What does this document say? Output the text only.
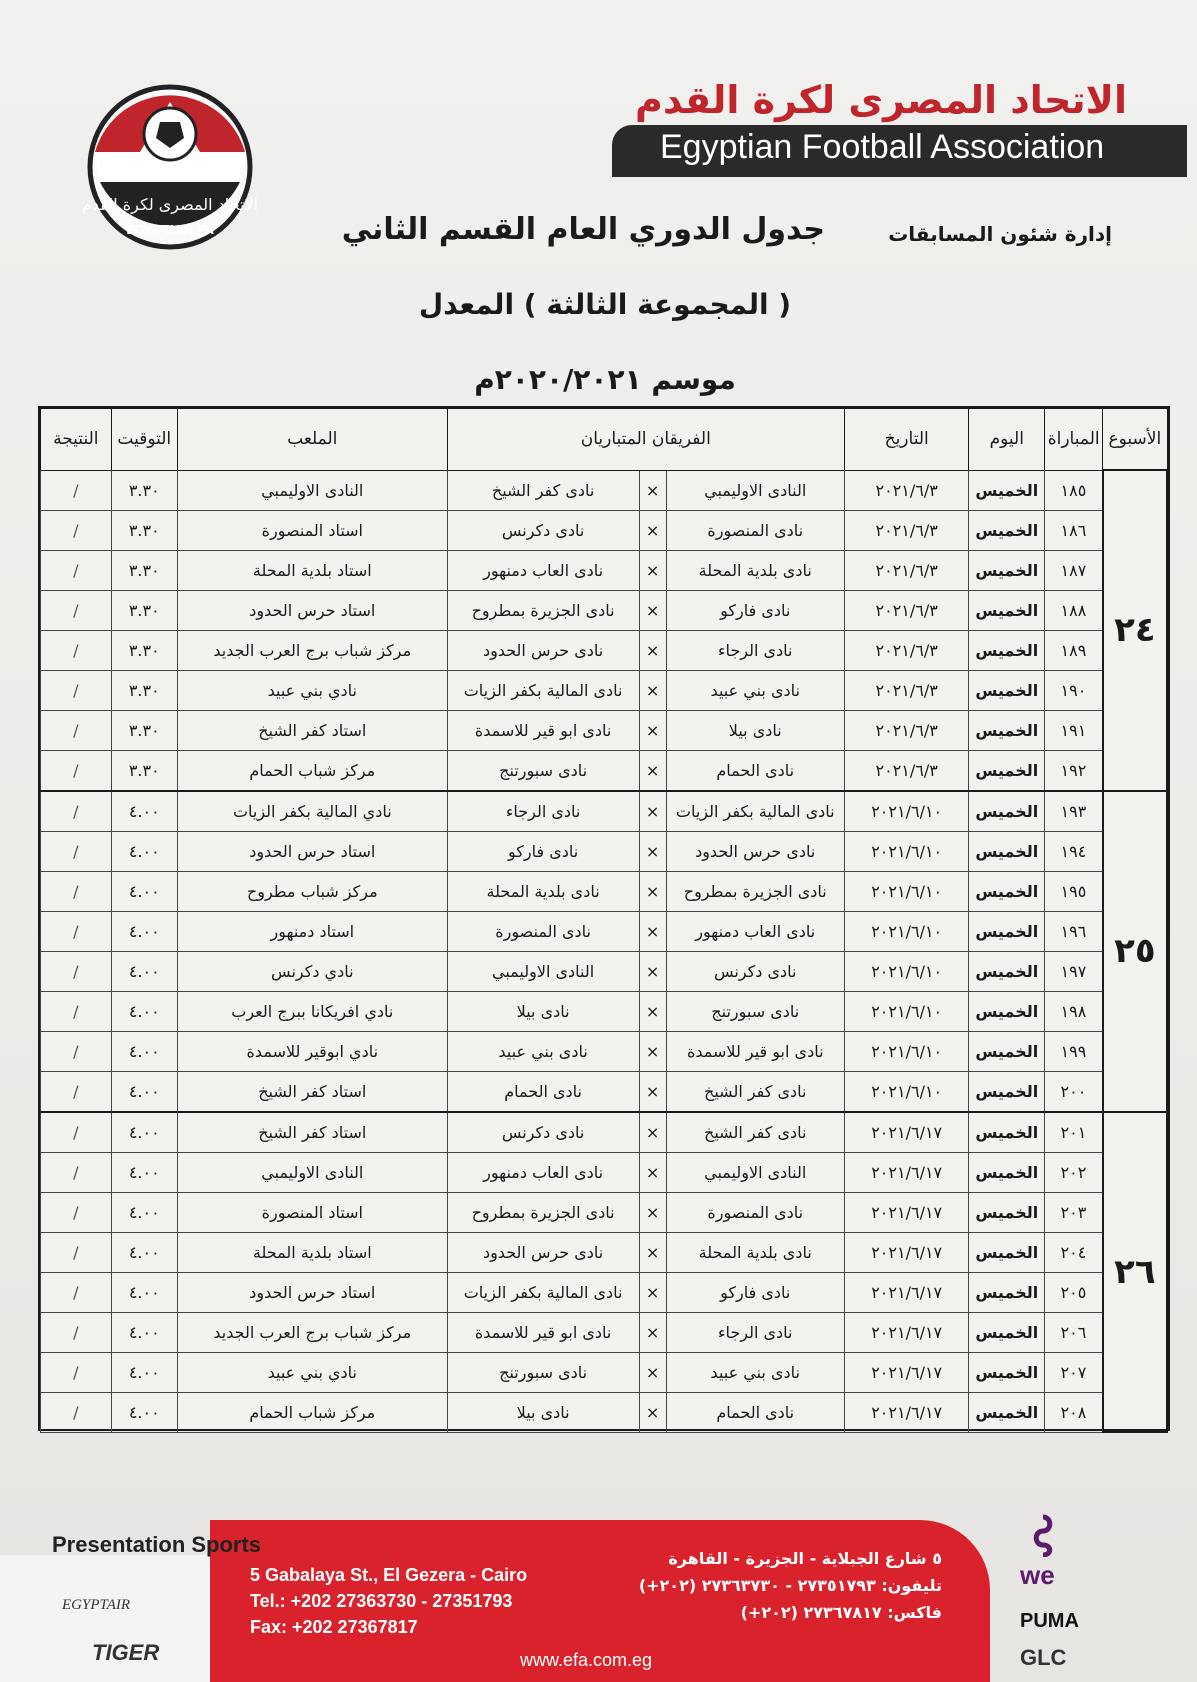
الاتحاد المصرى لكرة القدم
EGYPTIAN FA
الاتحاد المصرى لكرة القدم
Egyptian Football Association
إدارة شئون المسابقات
جدول الدوري العام القسم الثاني
( المجموعة الثالثة ) المعدل
موسم ٢٠٢٠/٢٠٢١م
الأسبوع	المباراة	اليوم	التاريخ	الفريقان المتباريان			الملعب	التوقيت	النتيجة
٢٤	١٨٥	الخميس	٢٠٢١/٦/٣	النادى الاوليمبي	×	نادى كفر الشيخ	النادى الاوليمبي	٣.٣٠	/
	١٨٦	الخميس	٢٠٢١/٦/٣	نادى المنصورة	×	نادى دكرنس	استاد المنصورة	٣.٣٠	/
	١٨٧	الخميس	٢٠٢١/٦/٣	نادى بلدية المحلة	×	نادى العاب دمنهور	استاد بلدية المحلة	٣.٣٠	/
	١٨٨	الخميس	٢٠٢١/٦/٣	نادى فاركو	×	نادى الجزيرة بمطروح	استاد حرس الحدود	٣.٣٠	/
	١٨٩	الخميس	٢٠٢١/٦/٣	نادى الرجاء	×	نادى حرس الحدود	مركز شباب برج العرب الجديد	٣.٣٠	/
	١٩٠	الخميس	٢٠٢١/٦/٣	نادى بني عبيد	×	نادى المالية بكفر الزيات	نادي بني عبيد	٣.٣٠	/
	١٩١	الخميس	٢٠٢١/٦/٣	نادى بيلا	×	نادى ابو قير للاسمدة	استاد كفر الشيخ	٣.٣٠	/
	١٩٢	الخميس	٢٠٢١/٦/٣	نادى الحمام	×	نادى سبورتنج	مركز شباب الحمام	٣.٣٠	/
٢٥	١٩٣	الخميس	٢٠٢١/٦/١٠	نادى المالية بكفر الزيات	×	نادى الرجاء	نادي المالية بكفر الزيات	٤.٠٠	/
	١٩٤	الخميس	٢٠٢١/٦/١٠	نادى حرس الحدود	×	نادى فاركو	استاد حرس الحدود	٤.٠٠	/
	١٩٥	الخميس	٢٠٢١/٦/١٠	نادى الجزيرة بمطروح	×	نادى بلدية المحلة	مركز شباب مطروح	٤.٠٠	/
	١٩٦	الخميس	٢٠٢١/٦/١٠	نادى العاب دمنهور	×	نادى المنصورة	استاد دمنهور	٤.٠٠	/
	١٩٧	الخميس	٢٠٢١/٦/١٠	نادى دكرنس	×	النادى الاوليمبي	نادي دكرنس	٤.٠٠	/
	١٩٨	الخميس	٢٠٢١/٦/١٠	نادى سبورتنج	×	نادى بيلا	نادي افريكانا ببرج العرب	٤.٠٠	/
	١٩٩	الخميس	٢٠٢١/٦/١٠	نادى ابو قير للاسمدة	×	نادى بني عبيد	نادي ابوقير للاسمدة	٤.٠٠	/
	٢٠٠	الخميس	٢٠٢١/٦/١٠	نادى كفر الشيخ	×	نادى الحمام	استاد كفر الشيخ	٤.٠٠	/
٢٦	٢٠١	الخميس	٢٠٢١/٦/١٧	نادى كفر الشيخ	×	نادى دكرنس	استاد كفر الشيخ	٤.٠٠	/
	٢٠٢	الخميس	٢٠٢١/٦/١٧	النادى الاوليمبي	×	نادى العاب دمنهور	النادى الاوليمبي	٤.٠٠	/
	٢٠٣	الخميس	٢٠٢١/٦/١٧	نادى المنصورة	×	نادى الجزيرة بمطروح	استاد المنصورة	٤.٠٠	/
	٢٠٤	الخميس	٢٠٢١/٦/١٧	نادى بلدية المحلة	×	نادى حرس الحدود	استاد بلدية المحلة	٤.٠٠	/
	٢٠٥	الخميس	٢٠٢١/٦/١٧	نادى فاركو	×	نادى المالية بكفر الزيات	استاد حرس الحدود	٤.٠٠	/
	٢٠٦	الخميس	٢٠٢١/٦/١٧	نادى الرجاء	×	نادى ابو قير للاسمدة	مركز شباب برج العرب الجديد	٤.٠٠	/
	٢٠٧	الخميس	٢٠٢١/٦/١٧	نادى بني عبيد	×	نادى سبورتنج	نادي بني عبيد	٤.٠٠	/
	٢٠٨	الخميس	٢٠٢١/٦/١٧	نادى الحمام	×	نادى بيلا	مركز شباب الحمام	٤.٠٠	/
Presentation Sports
EGYPTAIR
TIGER
5 Gabalaya St., El Gezera - Cairo
Tel.: +202 27363730 - 27351793
Fax: +202 27367817
٥ شارع الجبلاية - الجزيرة - القاهرة
تليفون: ٢٧٣٥١٧٩٣ - ٢٧٣٦٣٧٣٠ (٢٠٢+)
فاكس: ٢٧٣٦٧٨١٧ (٢٠٢+)
www.efa.com.eg
we
PUMA
GLC
